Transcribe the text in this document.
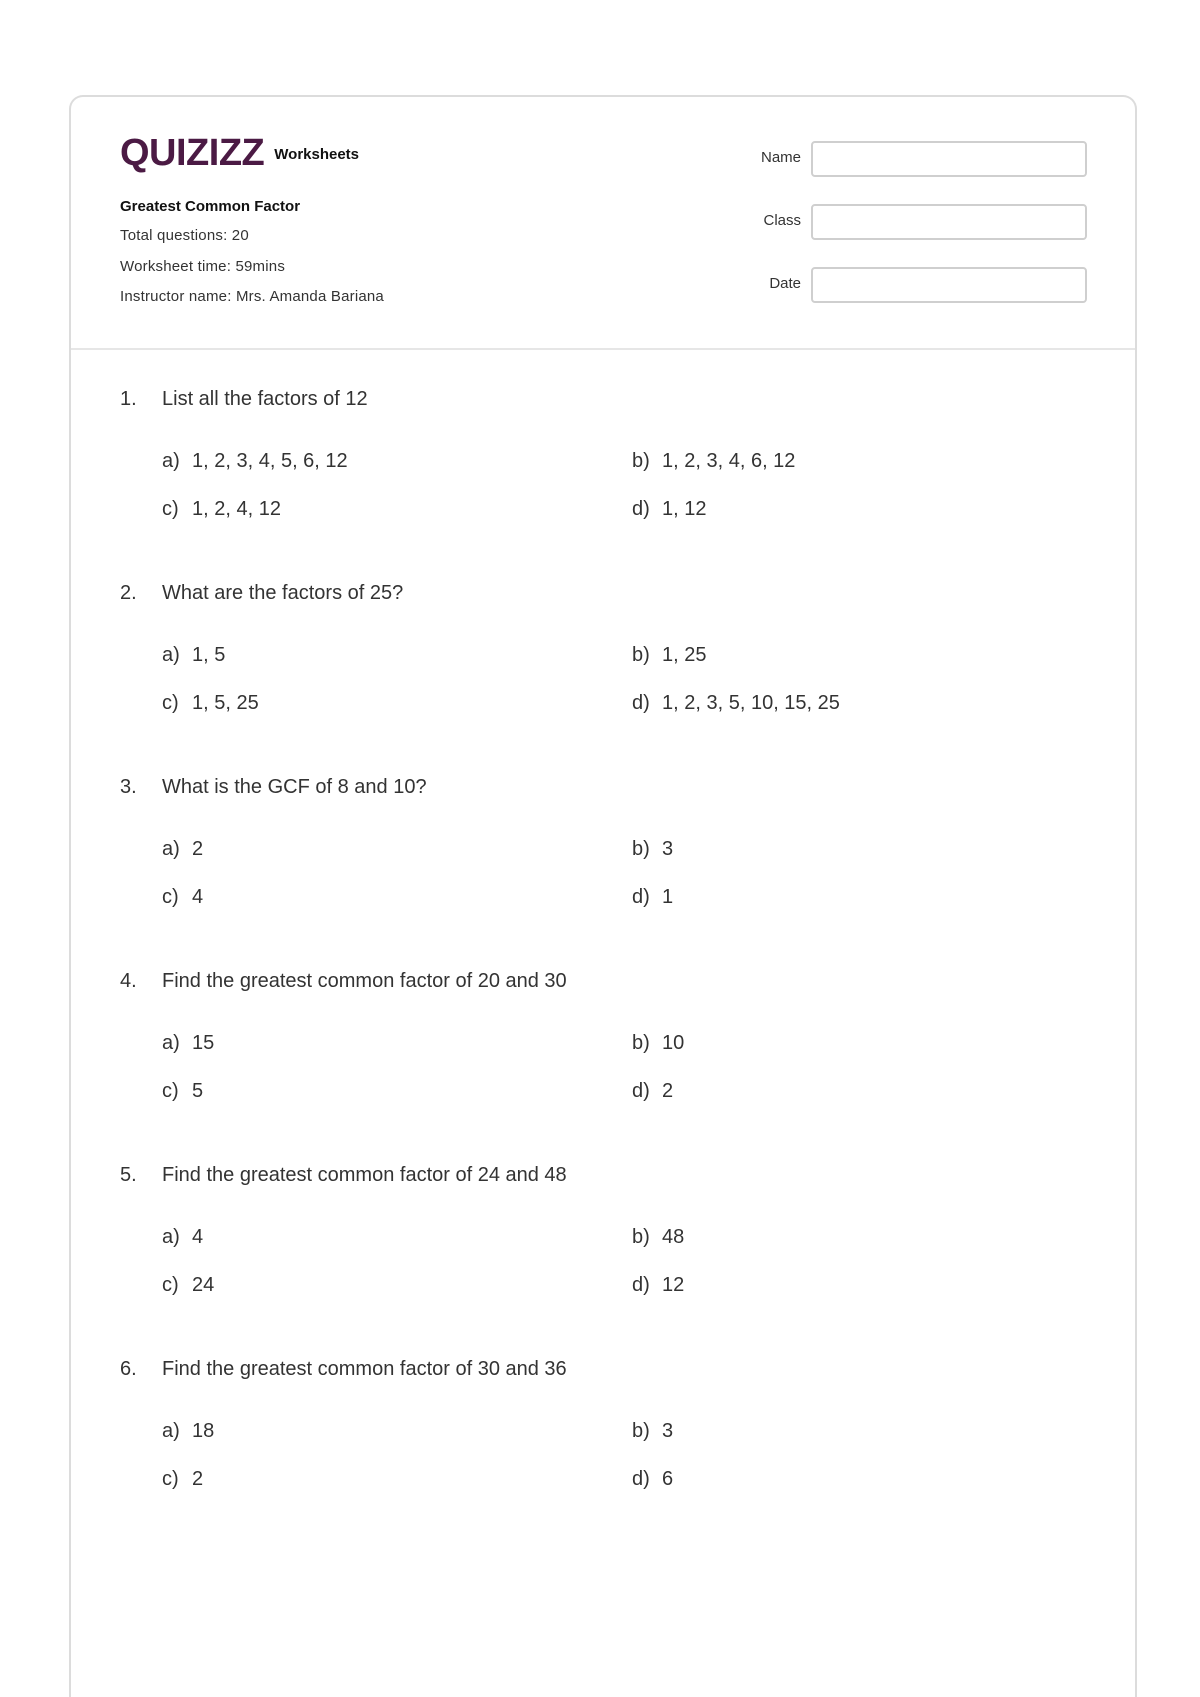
QUIZIZZ Worksheets
Greatest Common Factor
Total questions: 20
Worksheet time: 59mins
Instructor name: Mrs. Amanda Bariana
Name
Class
Date
1. List all the factors of 12
a) 1, 2, 3, 4, 5, 6, 12	b) 1, 2, 3, 4, 6, 12
c) 1, 2, 4, 12	d) 1, 12
2. What are the factors of 25?
a) 1, 5	b) 1, 25
c) 1, 5, 25	d) 1, 2, 3, 5, 10, 15, 25
3. What is the GCF of 8 and 10?
a) 2	b) 3
c) 4	d) 1
4. Find the greatest common factor of 20 and 30
a) 15	b) 10
c) 5	d) 2
5. Find the greatest common factor of 24 and 48
a) 4	b) 48
c) 24	d) 12
6. Find the greatest common factor of 30 and 36
a) 18	b) 3
c) 2	d) 6
